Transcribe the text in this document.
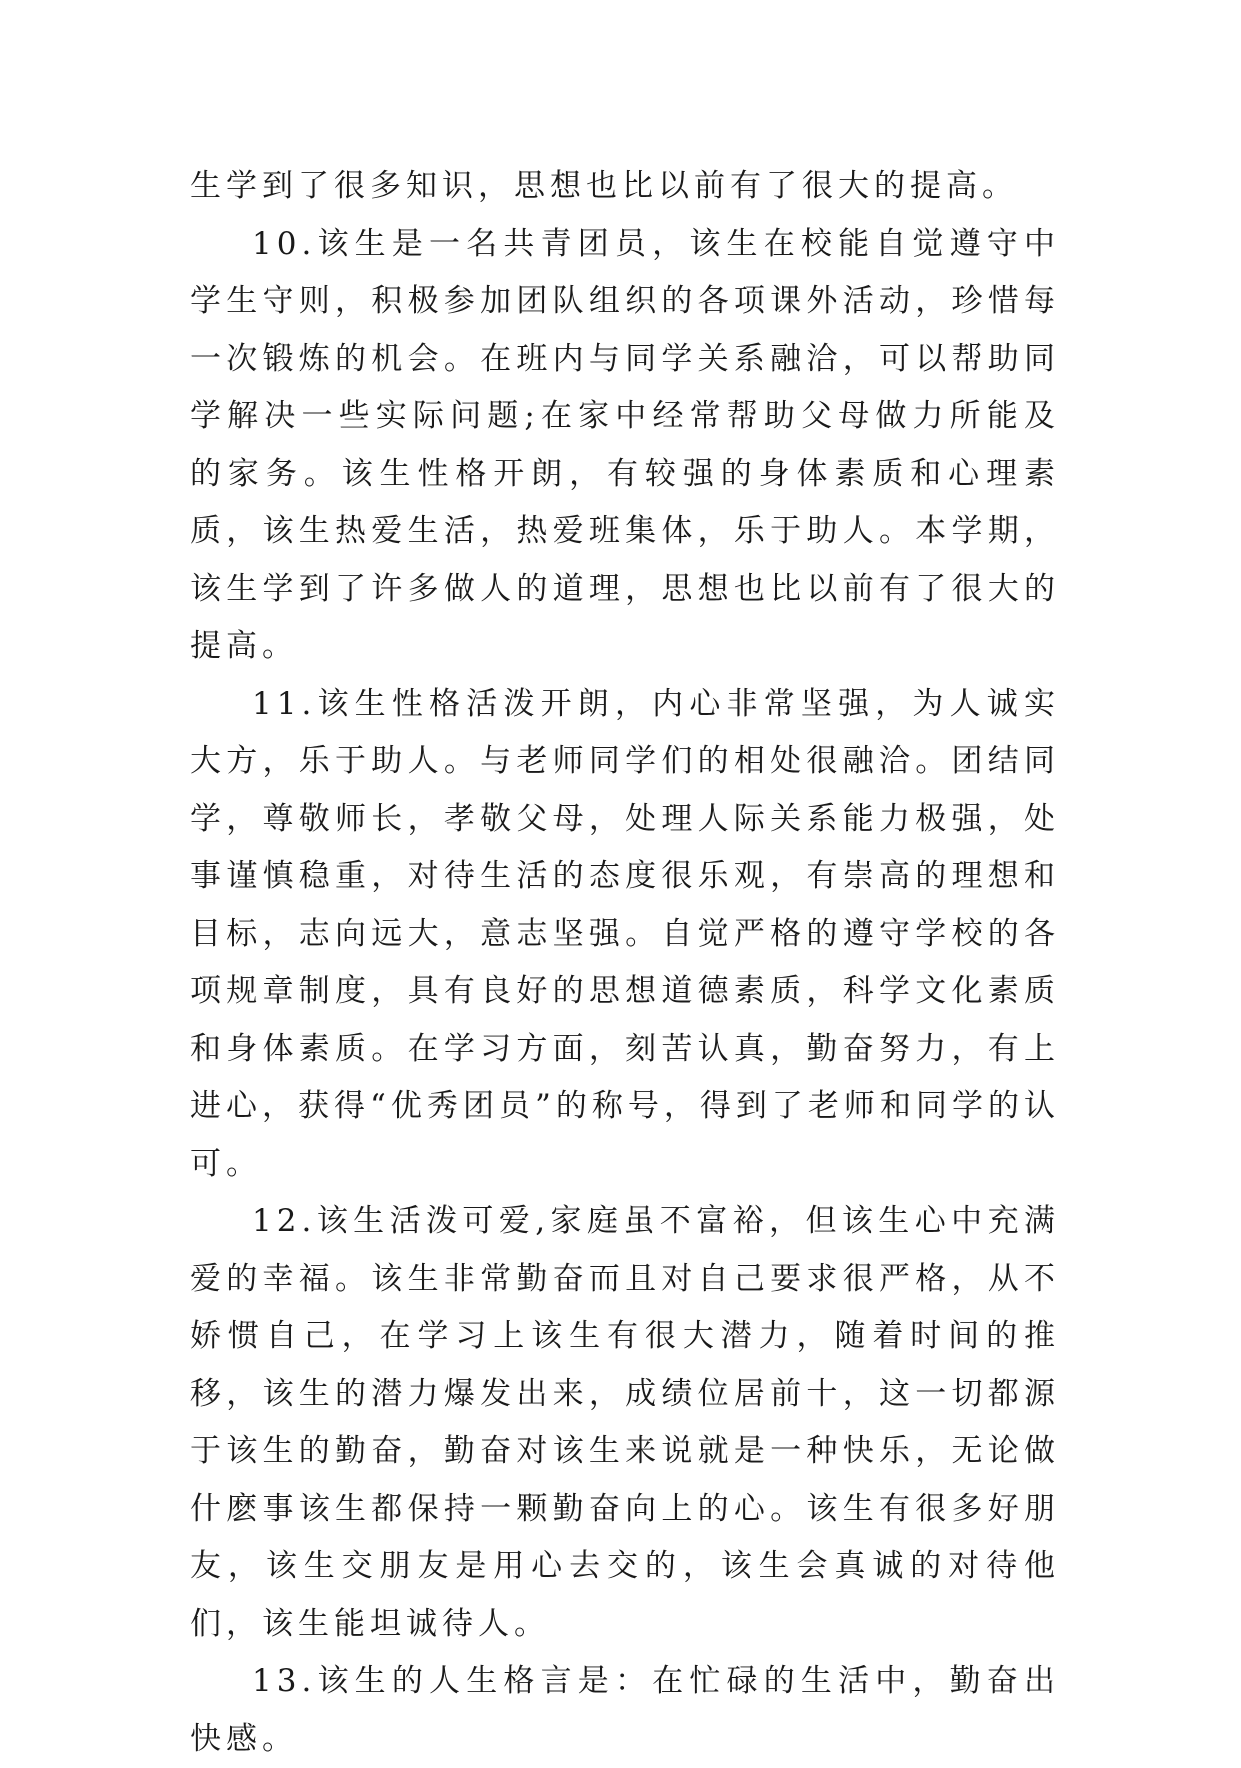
生学到了很多知识，思想也比以前有了很大的提高。

10.该生是一名共青团员，该生在校能自觉遵守中学生守则，积极参加团队组织的各项课外活动，珍惜每一次锻炼的机会。在班内与同学关系融洽，可以帮助同学解决一些实际问题;在家中经常帮助父母做力所能及的家务。该生性格开朗，有较强的身体素质和心理素质，该生热爱生活，热爱班集体，乐于助人。本学期，该生学到了许多做人的道理，思想也比以前有了很大的提高。

11.该生性格活泼开朗，内心非常坚强，为人诚实大方，乐于助人。与老师同学们的相处很融洽。团结同学，尊敬师长，孝敬父母，处理人际关系能力极强，处事谨慎稳重，对待生活的态度很乐观，有崇高的理想和目标，志向远大，意志坚强。自觉严格的遵守学校的各项规章制度，具有良好的思想道德素质，科学文化素质和身体素质。在学习方面，刻苦认真，勤奋努力，有上进心，获得“优秀团员”的称号，得到了老师和同学的认可。

12.该生活泼可爱,家庭虽不富裕，但该生心中充满爱的幸福。该生非常勤奋而且对自己要求很严格，从不娇惯自己，在学习上该生有很大潜力，随着时间的推移，该生的潜力爆发出来，成绩位居前十，这一切都源于该生的勤奋，勤奋对该生来说就是一种快乐，无论做什麽事该生都保持一颗勤奋向上的心。该生有很多好朋友，该生交朋友是用心去交的，该生会真诚的对待他们，该生能坦诚待人。

13.该生的人生格言是：在忙碌的生活中，勤奋出快感。
